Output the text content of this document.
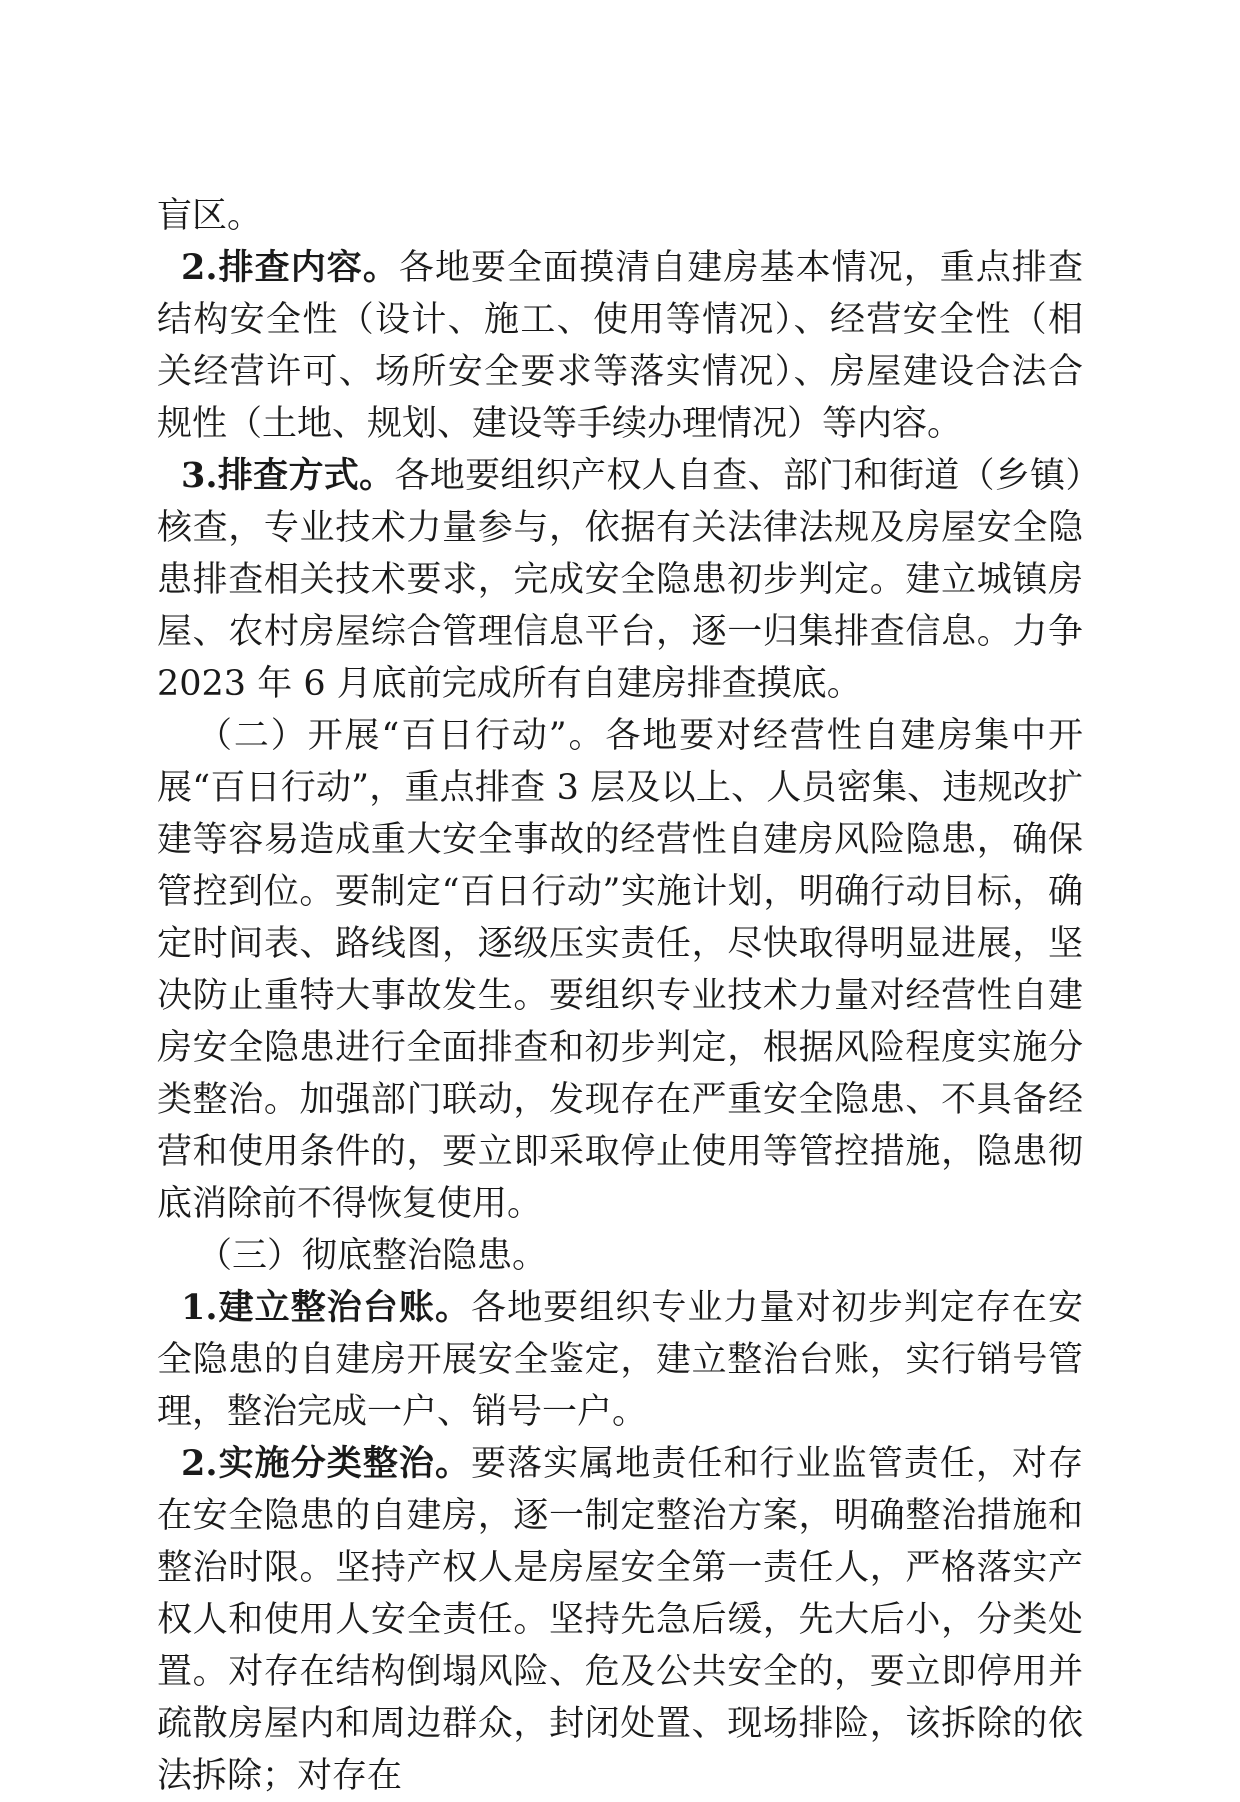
盲区。

2.排查内容。各地要全面摸清自建房基本情况，重点排查结构安全性（设计、施工、使用等情况）、经营安全性（相关经营许可、场所安全要求等落实情况）、房屋建设合法合规性（土地、规划、建设等手续办理情况）等内容。

3.排查方式。各地要组织产权人自查、部门和街道（乡镇）核查，专业技术力量参与，依据有关法律法规及房屋安全隐患排查相关技术要求，完成安全隐患初步判定。建立城镇房屋、农村房屋综合管理信息平台，逐一归集排查信息。力争 2023 年 6 月底前完成所有自建房排查摸底。

（二）开展“百日行动”。各地要对经营性自建房集中开展“百日行动”，重点排查 3 层及以上、人员密集、违规改扩建等容易造成重大安全事故的经营性自建房风险隐患，确保管控到位。要制定“百日行动”实施计划，明确行动目标，确定时间表、路线图，逐级压实责任，尽快取得明显进展，坚决防止重特大事故发生。要组织专业技术力量对经营性自建房安全隐患进行全面排查和初步判定，根据风险程度实施分类整治。加强部门联动，发现存在严重安全隐患、不具备经营和使用条件的，要立即采取停止使用等管控措施，隐患彻底消除前不得恢复使用。

（三）彻底整治隐患。

1.建立整治台账。各地要组织专业力量对初步判定存在安全隐患的自建房开展安全鉴定，建立整治台账，实行销号管理，整治完成一户、销号一户。

2.实施分类整治。要落实属地责任和行业监管责任，对存在安全隐患的自建房，逐一制定整治方案，明确整治措施和整治时限。坚持产权人是房屋安全第一责任人，严格落实产权人和使用人安全责任。坚持先急后缓，先大后小，分类处置。对存在结构倒塌风险、危及公共安全的，要立即停用并疏散房屋内和周边群众，封闭处置、现场排险，该拆除的依法拆除；对存在
